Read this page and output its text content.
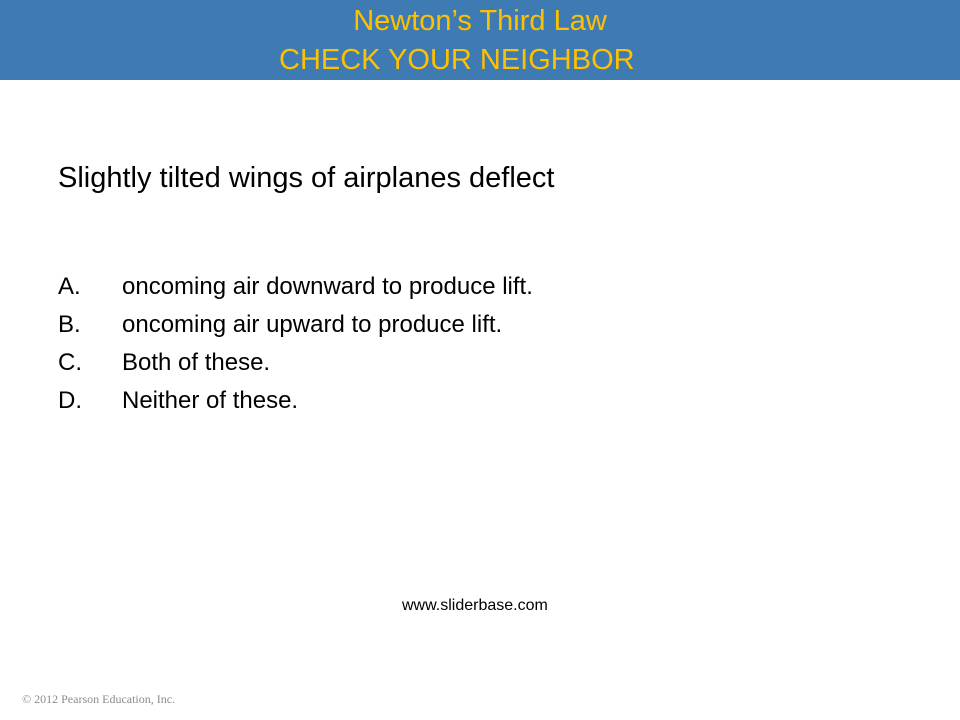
Newton’s Third Law
CHECK YOUR NEIGHBOR
Slightly tilted wings of airplanes deflect
A.	oncoming air downward to produce lift.
B.	oncoming air upward to produce lift.
C.	Both of these.
D.	Neither of these.
www.sliderbase.com
© 2012 Pearson Education, Inc.
